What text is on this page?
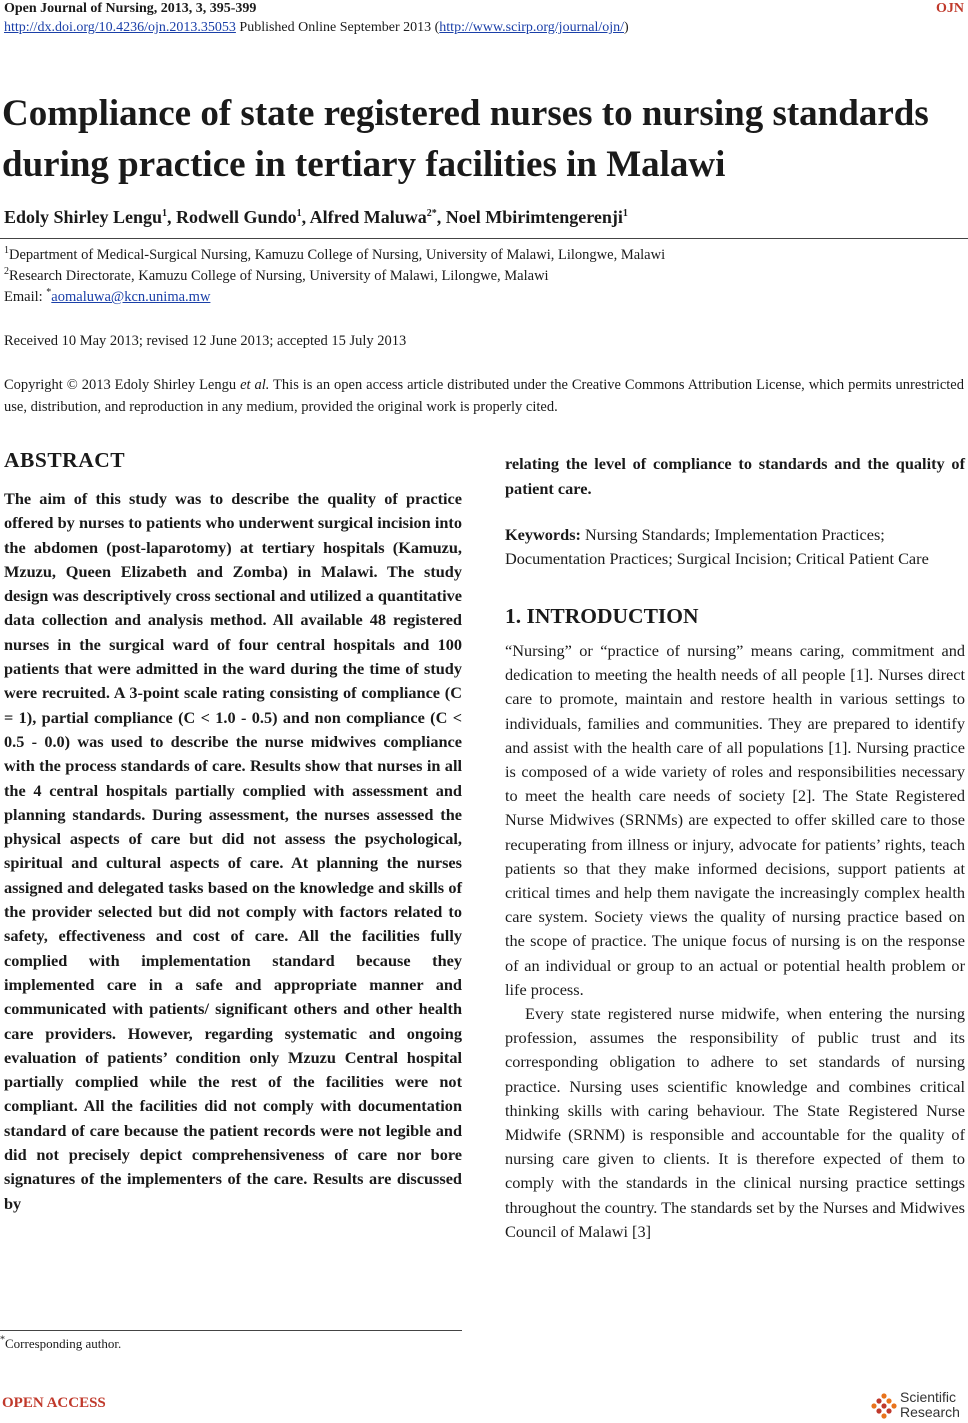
Open Journal of Nursing, 2013, 3, 395-399	OJN
http://dx.doi.org/10.4236/ojn.2013.35053 Published Online September 2013 (http://www.scirp.org/journal/ojn/)
Compliance of state registered nurses to nursing standards during practice in tertiary facilities in Malawi
Edoly Shirley Lengu$^1$, Rodwell Gundo$^1$, Alfred Maluwa$^{2*}$, Noel Mbirimtengerenji$^1$
$^1$Department of Medical-Surgical Nursing, Kamuzu College of Nursing, University of Malawi, Lilongwe, Malawi
$^2$Research Directorate, Kamuzu College of Nursing, University of Malawi, Lilongwe, Malawi
Email: *aomaluwa@kcn.unima.mw
Received 10 May 2013; revised 12 June 2013; accepted 15 July 2013
Copyright © 2013 Edoly Shirley Lengu et al. This is an open access article distributed under the Creative Commons Attribution License, which permits unrestricted use, distribution, and reproduction in any medium, provided the original work is properly cited.
ABSTRACT

The aim of this study was to describe the quality of practice offered by nurses to patients who underwent surgical incision into the abdomen (post-laparotomy) at tertiary hospitals (Kamuzu, Mzuzu, Queen Elizabeth and Zomba) in Malawi. The study design was descriptively cross sectional and utilized a quantitative data collection and analysis method. All available 48 registered nurses in the surgical ward of four central hospitals and 100 patients that were admitted in the ward during the time of study were recruited. A 3-point scale rating consisting of compliance (C = 1), partial compliance (C < 1.0 - 0.5) and non compliance (C < 0.5 - 0.0) was used to describe the nurse midwives compliance with the process standards of care. Results show that nurses in all the 4 central hospitals partially complied with assessment and planning standards. During assessment, the nurses assessed the physical aspects of care but did not assess the psychological, spiritual and cultural aspects of care. At planning the nurses assigned and delegated tasks based on the knowledge and skills of the provider selected but did not comply with factors related to safety, effectiveness and cost of care. All the facilities fully complied with implementation standard because they implemented care in a safe and appropriate manner and communicated with patients/ significant others and other health care providers. However, regarding systematic and ongoing evaluation of patients’ condition only Mzuzu Central hospital partially complied while the rest of the facilities were not compliant. All the facilities did not comply with documentation standard of care because the patient records were not legible and did not precisely depict comprehensiveness of care nor bore signatures of the implementers of the care. Results are discussed by

relating the level of compliance to standards and the quality of patient care.

Keywords: Nursing Standards; Implementation Practices; Documentation Practices; Surgical Incision; Critical Patient Care

1. INTRODUCTION

“Nursing” or “practice of nursing” means caring, commitment and dedication to meeting the health needs of all people [1]. Nurses direct care to promote, maintain and restore health in various settings to individuals, families and communities. They are prepared to identify and assist with the health care of all populations [1]. Nursing practice is composed of a wide variety of roles and responsibilities necessary to meet the health care needs of society [2]. The State Registered Nurse Midwives (SRNMs) are expected to offer skilled care to those recuperating from illness or injury, advocate for patients’ rights, teach patients so that they make informed decisions, support patients at critical times and help them navigate the increasingly complex health care system. Society views the quality of nursing practice based on the scope of practice. The unique focus of nursing is on the response of an individual or group to an actual or potential health problem or life process.

Every state registered nurse midwife, when entering the nursing profession, assumes the responsibility of public trust and its corresponding obligation to adhere to set standards of nursing practice. Nursing uses scientific knowledge and combines critical thinking skills with caring behaviour. The State Registered Nurse Midwife (SRNM) is responsible and accountable for the quality of nursing care given to clients. It is therefore expected of them to comply with the standards in the clinical nursing practice settings throughout the country. The standards set by the Nurses and Midwives Council of Malawi [3]

*Corresponding author.
OPEN ACCESS	Scientific
Research
